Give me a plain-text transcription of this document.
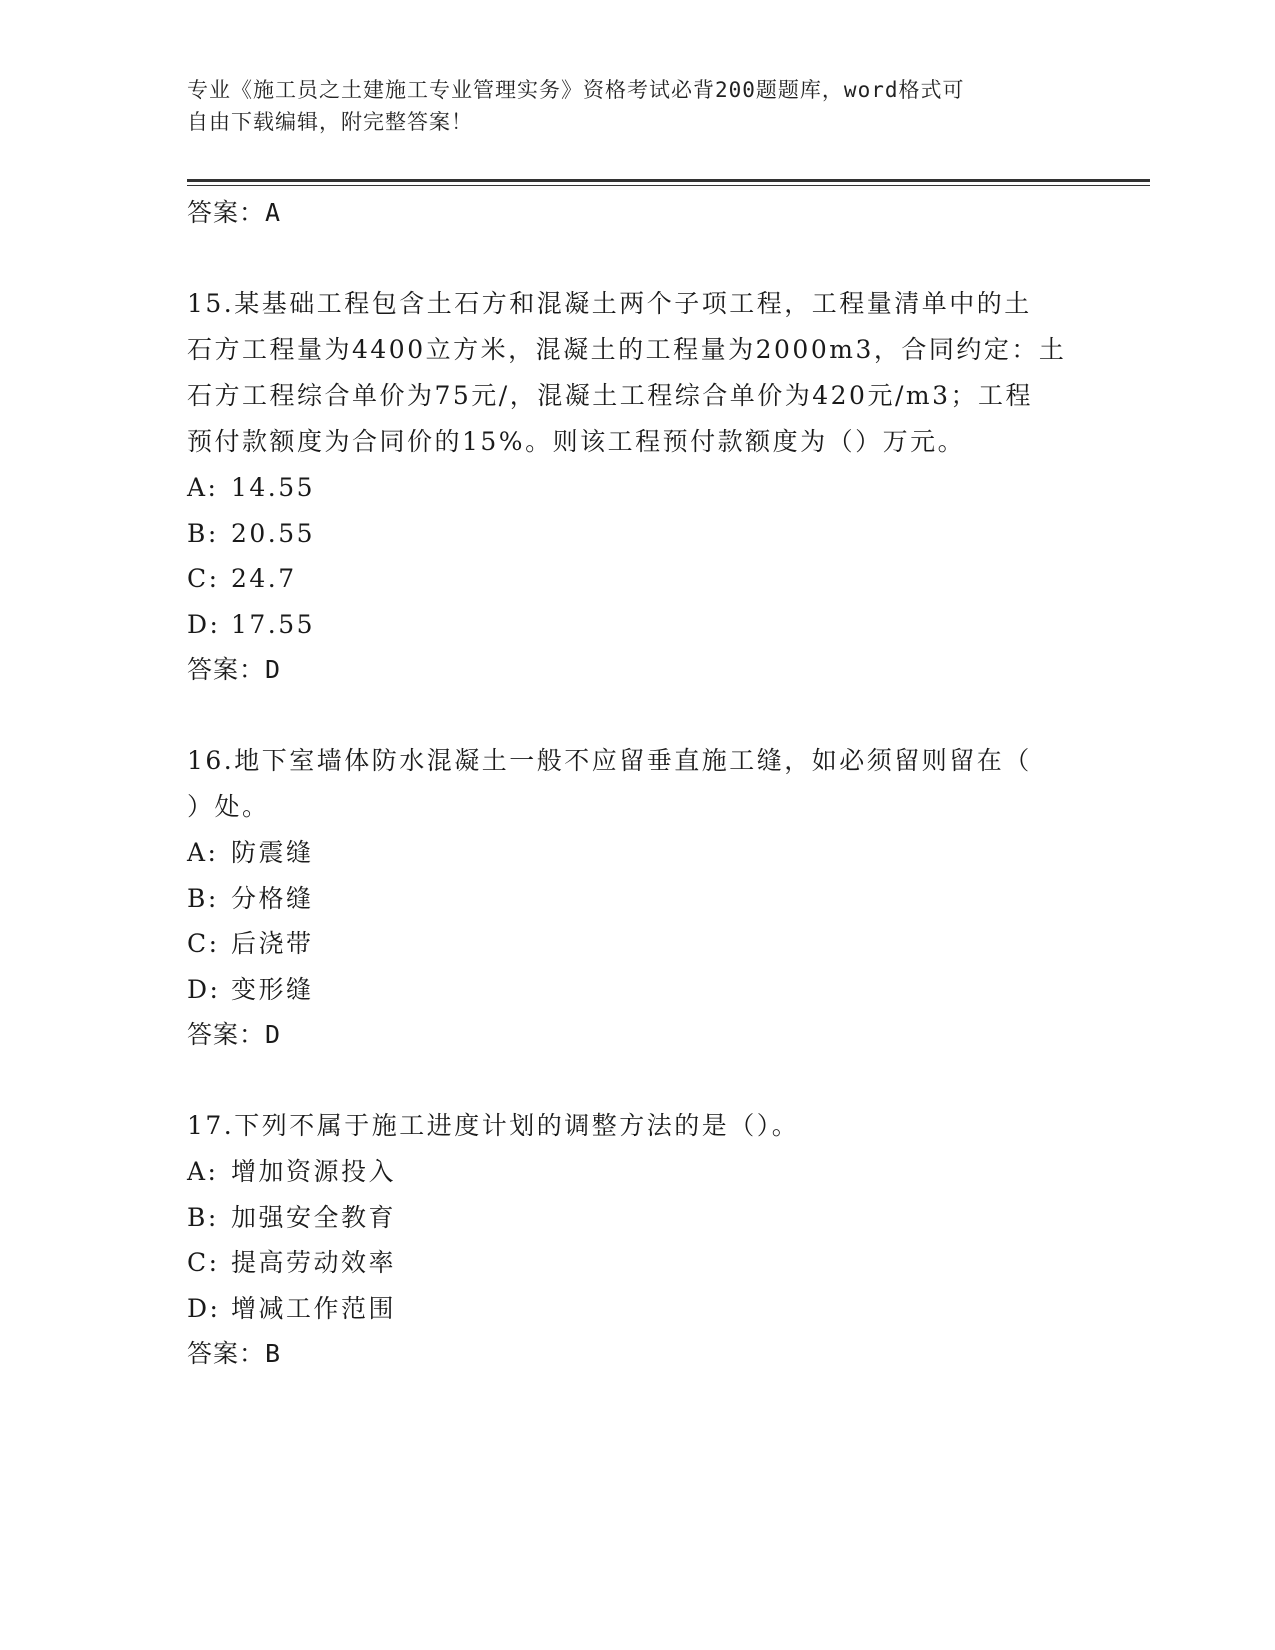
专业《施工员之土建施工专业管理实务》资格考试必背200题题库，word格式可
自由下载编辑，附完整答案！
答案：A
15.某基础工程包含土石方和混凝土两个子项工程，工程量清单中的土
石方工程量为4400立方米，混凝土的工程量为2000m3，合同约定：土
石方工程综合单价为75元/，混凝土工程综合单价为420元/m3；工程
预付款额度为合同价的15%。则该工程预付款额度为（）万元。
A: 14.55
B: 20.55
C: 24.7
D: 17.55
答案：D
16.地下室墙体防水混凝土一般不应留垂直施工缝，如必须留则留在（
）处。
A: 防震缝
B: 分格缝
C: 后浇带
D: 变形缝
答案：D
17.下列不属于施工进度计划的调整方法的是（）。
A: 增加资源投入
B: 加强安全教育
C: 提高劳动效率
D: 增减工作范围
答案：B
